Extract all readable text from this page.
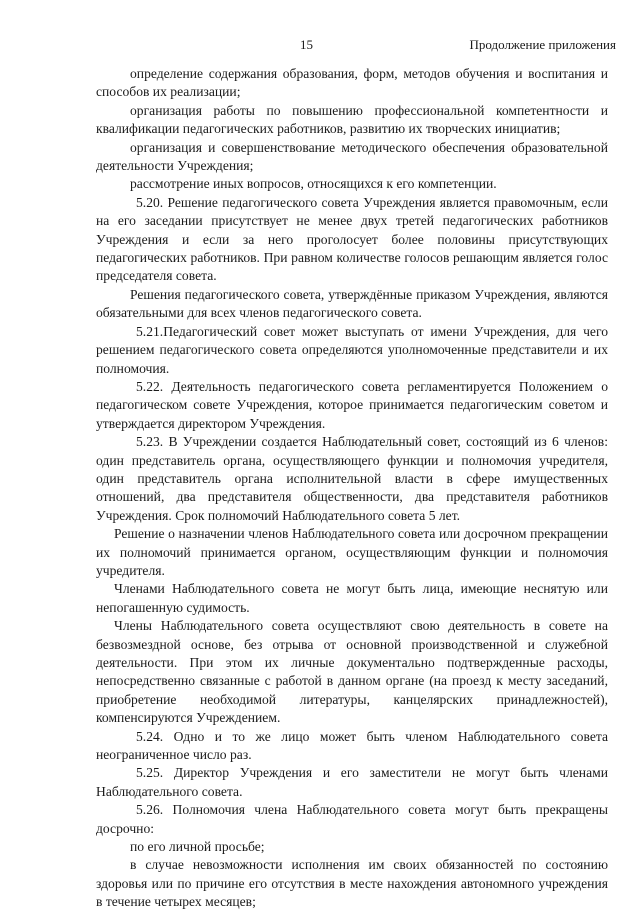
15	Продолжение приложения

определение содержания образования, форм, методов обучения и воспитания и способов их реализации;

организация работы по повышению профессиональной компетентности и квалификации педагогических работников, развитию их творческих инициатив;

организация и совершенствование методического обеспечения образовательной деятельности Учреждения;

рассмотрение иных вопросов, относящихся к его компетенции.

5.20. Решение педагогического совета Учреждения является правомочным, если на его заседании присутствует не менее двух третей педагогических работников Учреждения и если за него проголосует более половины присутствующих педагогических работников. При равном количестве голосов решающим является голос председателя совета.

Решения педагогического совета, утверждённые приказом Учреждения, являются обязательными для всех членов педагогического совета.

5.21.Педагогический совет может выступать от имени Учреждения, для чего решением педагогического совета определяются уполномоченные представители и их полномочия.

5.22. Деятельность педагогического совета регламентируется Положением о педагогическом совете Учреждения, которое принимается педагогическим советом и утверждается директором Учреждения.

5.23. В Учреждении создается Наблюдательный совет, состоящий из 6 членов: один представитель органа, осуществляющего функции и полномочия учредителя, один представитель органа исполнительной власти в сфере имущественных отношений, два представителя общественности, два представителя работников Учреждения. Срок полномочий Наблюдательного совета 5 лет.

Решение о назначении членов Наблюдательного совета или досрочном прекращении их полномочий принимается органом, осуществляющим функции и полномочия учредителя.

Членами Наблюдательного совета не могут быть лица, имеющие неснятую или непогашенную судимость.

Члены Наблюдательного совета осуществляют свою деятельность в совете на безвозмездной основе, без отрыва от основной производственной и служебной деятельности. При этом их личные документально подтвержденные расходы, непосредственно связанные с работой в данном органе (на проезд к месту заседаний, приобретение необходимой литературы, канцелярских принадлежностей), компенсируются Учреждением.

5.24. Одно и то же лицо может быть членом Наблюдательного совета неограниченное число раз.

5.25. Директор Учреждения и его заместители не могут быть членами Наблюдательного совета.

5.26. Полномочия члена Наблюдательного совета могут быть прекращены досрочно:

по его личной просьбе;

в случае невозможности исполнения им своих обязанностей по состоянию здоровья или по причине его отсутствия в месте нахождения автономного учреждения в течение четырех месяцев;
